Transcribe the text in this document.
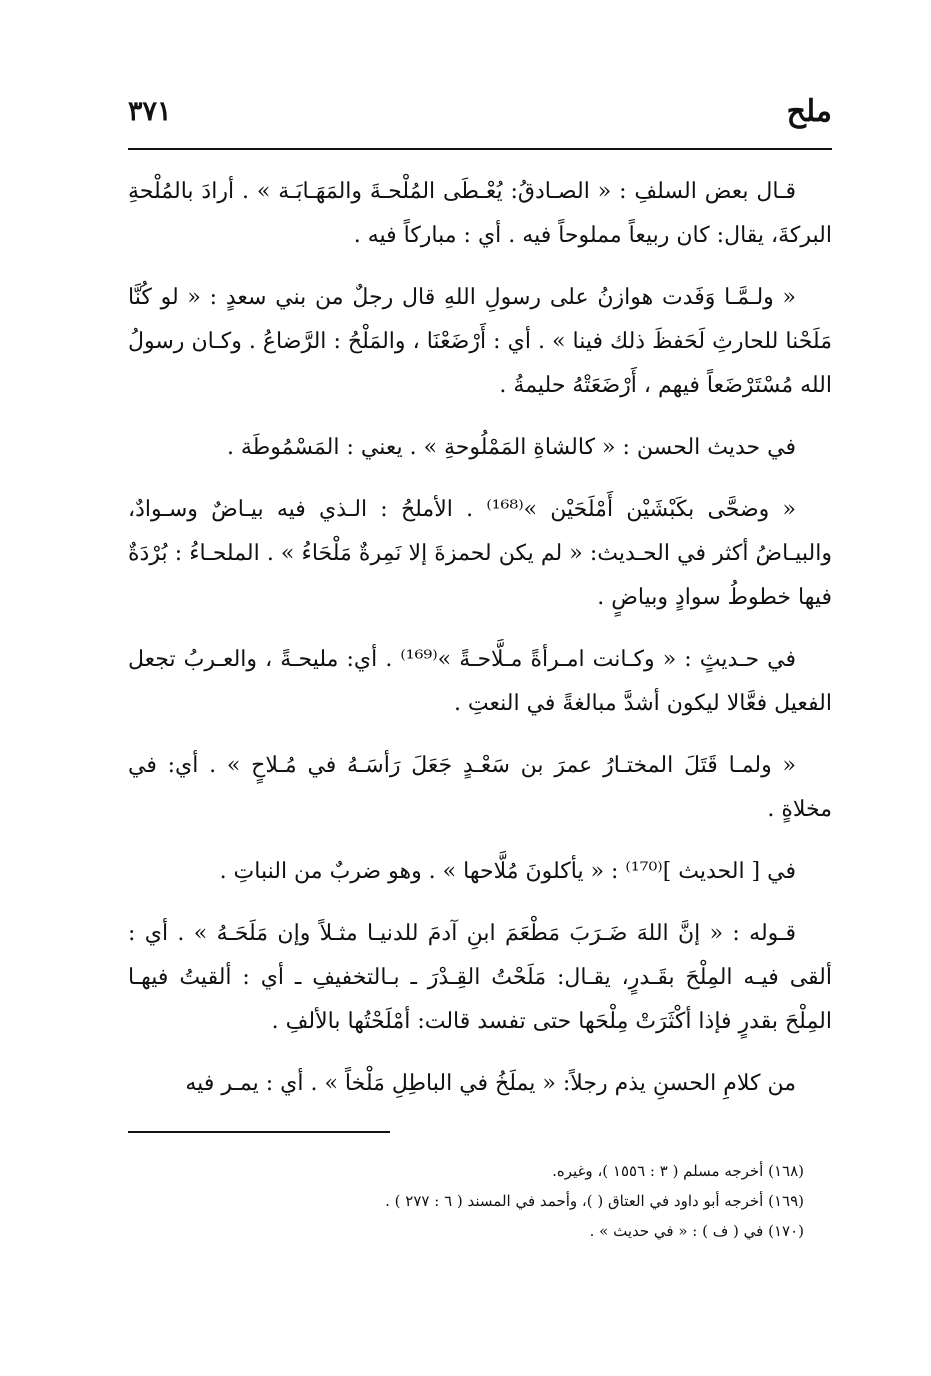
ملح
٣٧١

قـال بعض السلفِ : « الصـادقُ: يُعْـطَى المُلْحـةَ والمَهَـابَـة » . أرادَ بالمُلْحةِ البركةَ، يقال: كان ربيعاً مملوحاً فيه . أي : مباركاً فيه .

« ولـمَّـا وَفَدت هوازنُ على رسولِ اللهِ قال رجلٌ من بني سعدٍ : « لو كُنَّا مَلَحْنا للحارثِ لَحَفظَ ذلك فينا » . أي : أَرْضَعْنَا ، والمَلْحُ : الرَّضاعُ . وكـان رسولُ الله مُسْتَرْضَعاً فيهم ، أَرْضَعَتْهُ حليمةُ .

في حديث الحسن : « كالشاةِ المَمْلُوحةِ » . يعني : المَسْمُوطَة .

« وضحَّى بكَبْشَيْن أَمْلَحَيْن »⁽¹⁶⁸⁾ . الأملحُ : الـذي فيه بيـاضٌ وسـوادٌ، والبيـاضُ أكثر في الحـديث: « لم يكن لحمزةَ إلا نَمِرةٌ مَلْحَاءُ » . الملحـاءُ : بُرْدَةٌ فيها خطوطُ سوادٍ وبياضٍ .

في حـديثٍ : « وكـانت امـرأةً مـلَّاحـةً »⁽¹⁶⁹⁾ . أي: مليحـةً ، والعـربُ تجعل الفعيل فعَّالا ليكون أشدَّ مبالغةً في النعتِ .

« ولمـا قَتَلَ المختـارُ عمرَ بن سَعْـدٍ جَعَلَ رَأسَـهُ في مُـلاحٍ » . أي: في مخلاةٍ .

في [ الحديث ]⁽¹⁷⁰⁾ : « يأكلونَ مُلَّاحها » . وهو ضربٌ من النباتِ .

قـوله : « إنَّ اللهَ ضَـرَبَ مَطْعَمَ ابنِ آدمَ للدنيـا مثـلاً وإن مَلَحَـهُ » . أي : ألقى فيـه المِلْحَ بقَـدرٍ، يقـال: مَلَحْتُ القِـدْرَ ـ بـالتخفيفِ ـ أي : ألقيتُ فيهـا المِلْحَ بقدرٍ فإذا أكْثَرَتْ مِلْحَها حتى تفسد قالت: أمْلَحْتُها بالألفِ .

من كلامِ الحسنِ يذم رجلاً: « يملَخُ في الباطِلِ مَلْخاً » . أي : يمـر فيه

(١٦٨) أخرجه مسلم ( ٣ : ١٥٥٦ )، وغيره.

(١٦٩) أخرجه أبو داود في العتاق ( )، وأحمد في المسند ( ٦ : ٢٧٧ ) .

(١٧٠) في ( ف ) : « في حديث » .
